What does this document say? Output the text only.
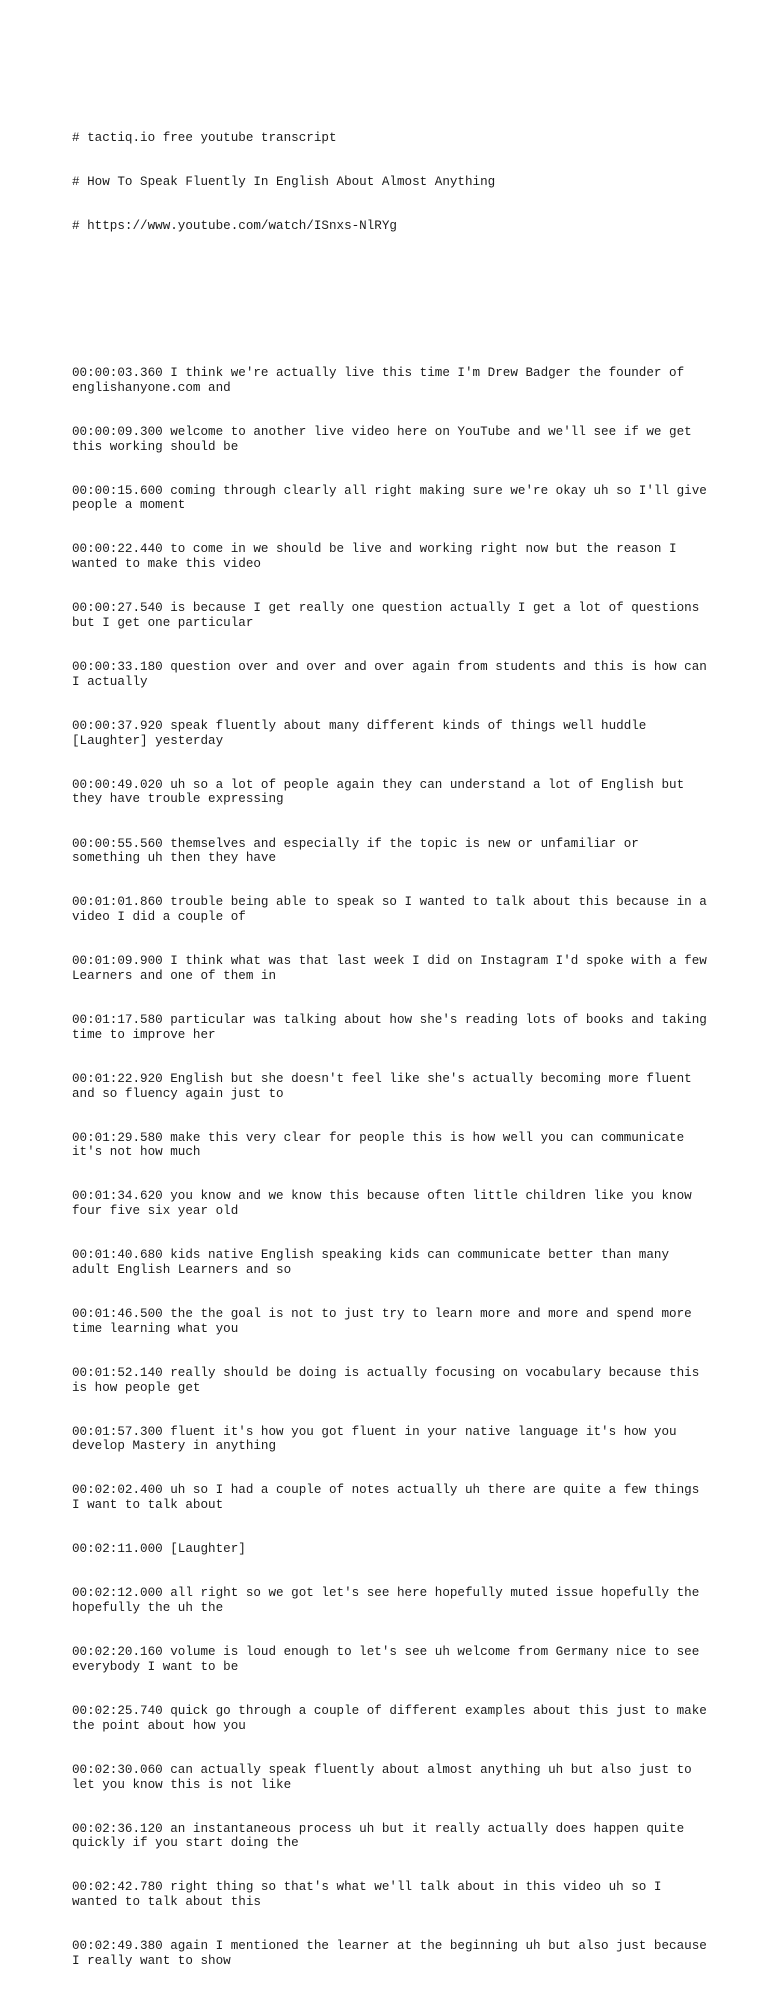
# tactiq.io free youtube transcript

# How To Speak Fluently In English About Almost Anything

# https://www.youtube.com/watch/ISnxs-NlRYg

00:00:03.360 I think we're actually live this time I'm Drew Badger the founder of englishanyone.com and

00:00:09.300 welcome to another live video here on YouTube and we'll see if we get this working should be

00:00:15.600 coming through clearly all right making sure we're okay uh so I'll give people a moment

00:00:22.440 to come in we should be live and working right now but the reason I wanted to make this video

00:00:27.540 is because I get really one question actually I get a lot of questions but I get one particular

00:00:33.180 question over and over and over again from students and this is how can I actually

00:00:37.920 speak fluently about many different kinds of things well huddle [Laughter] yesterday

00:00:49.020 uh so a lot of people again they can understand a lot of English but they have trouble expressing

00:00:55.560 themselves and especially if the topic is new or unfamiliar or something uh then they have

00:01:01.860 trouble being able to speak so I wanted to talk about this because in a video I did a couple of

00:01:09.900 I think what was that last week I did on Instagram I'd spoke with a few Learners and one of them in

00:01:17.580 particular was talking about how she's reading lots of books and taking time to improve her

00:01:22.920 English but she doesn't feel like she's actually becoming more fluent and so fluency again just to

00:01:29.580 make this very clear for people this is how well you can communicate it's not how much

00:01:34.620 you know and we know this because often little children like you know four five six year old

00:01:40.680 kids native English speaking kids can communicate better than many adult English Learners and so

00:01:46.500 the the goal is not to just try to learn more and more and spend more time learning what you

00:01:52.140 really should be doing is actually focusing on vocabulary because this is how people get

00:01:57.300 fluent it's how you got fluent in your native language it's how you develop Mastery in anything

00:02:02.400 uh so I had a couple of notes actually uh there are quite a few things I want to talk about

00:02:11.000 [Laughter]

00:02:12.000 all right so we got let's see here hopefully muted issue hopefully the hopefully the uh the

00:02:20.160 volume is loud enough to let's see uh welcome from Germany nice to see everybody I want to be

00:02:25.740 quick go through a couple of different examples about this just to make the point about how you

00:02:30.060 can actually speak fluently about almost anything uh but also just to let you know this is not like

00:02:36.120 an instantaneous process uh but it really actually does happen quite quickly if you start doing the

00:02:42.780 right thing so that's what we'll talk about in this video uh so I wanted to talk about this

00:02:49.380 again I mentioned the learner at the beginning uh but also just because I really want to show
